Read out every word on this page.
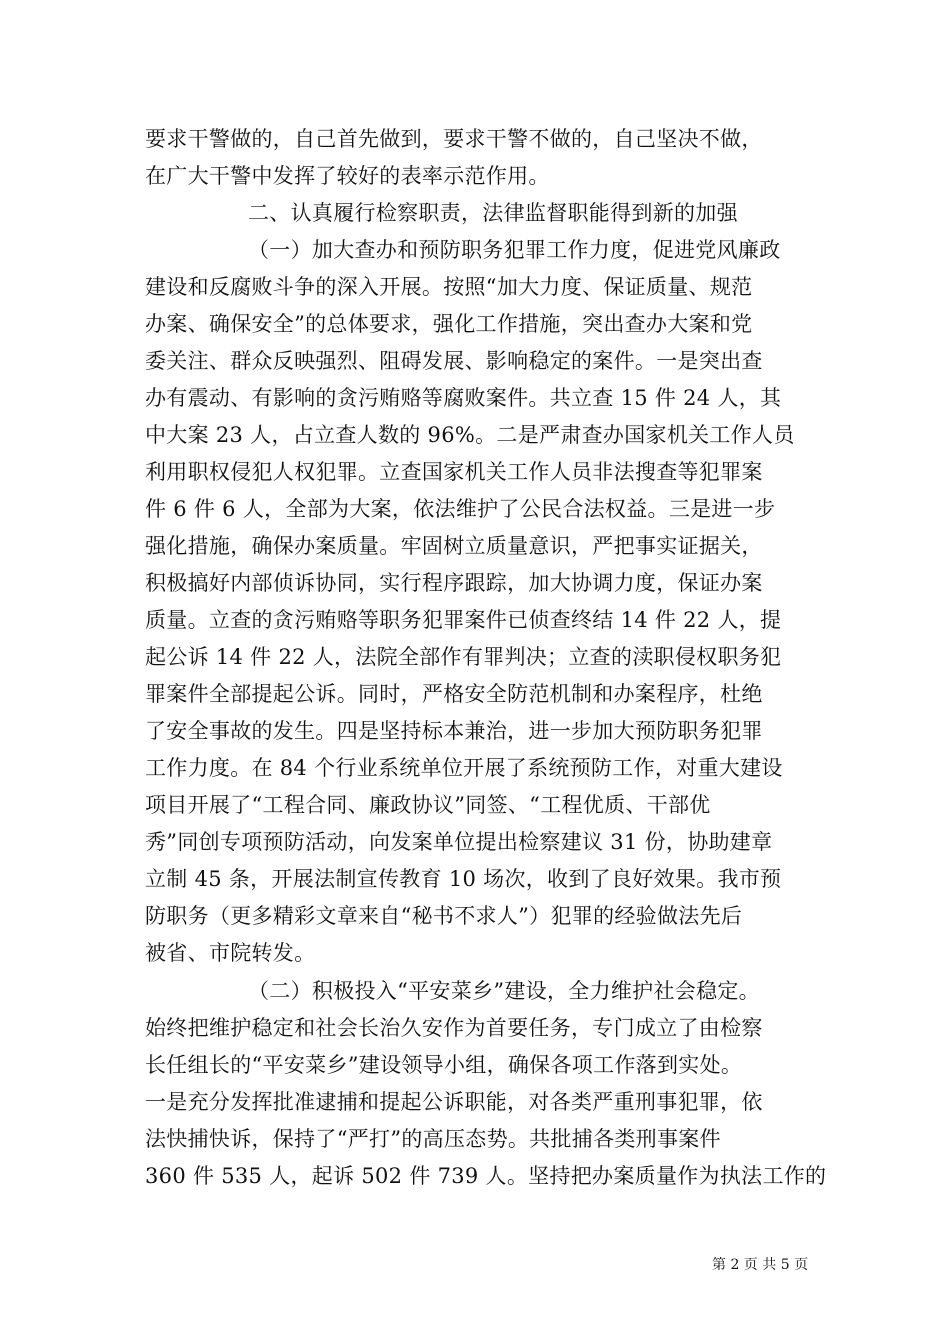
要求干警做的，自己首先做到，要求干警不做的，自己坚决不做，
在广大干警中发挥了较好的表率示范作用。
二、认真履行检察职责，法律监督职能得到新的加强
（一）加大查办和预防职务犯罪工作力度，促进党风廉政
建设和反腐败斗争的深入开展。按照“加大力度、保证质量、规范
办案、确保安全”的总体要求，强化工作措施，突出查办大案和党
委关注、群众反映强烈、阻碍发展、影响稳定的案件。一是突出查
办有震动、有影响的贪污贿赂等腐败案件。共立查 15 件 24 人，其
中大案 23 人，占立查人数的 96%。二是严肃查办国家机关工作人员
利用职权侵犯人权犯罪。立查国家机关工作人员非法搜查等犯罪案
件 6 件 6 人，全部为大案，依法维护了公民合法权益。三是进一步
强化措施，确保办案质量。牢固树立质量意识，严把事实证据关，
积极搞好内部侦诉协同，实行程序跟踪，加大协调力度，保证办案
质量。立查的贪污贿赂等职务犯罪案件已侦查终结 14 件 22 人，提
起公诉 14 件 22 人，法院全部作有罪判决；立查的渎职侵权职务犯
罪案件全部提起公诉。同时，严格安全防范机制和办案程序，杜绝
了安全事故的发生。四是坚持标本兼治，进一步加大预防职务犯罪
工作力度。在 84 个行业系统单位开展了系统预防工作，对重大建设
项目开展了“工程合同、廉政协议”同签、“工程优质、干部优
秀”同创专项预防活动，向发案单位提出检察建议 31 份，协助建章
立制 45 条，开展法制宣传教育 10 场次，收到了良好效果。我市预
防职务（更多精彩文章来自“秘书不求人”）犯罪的经验做法先后
被省、市院转发。
（二）积极投入“平安菜乡”建设，全力维护社会稳定。
始终把维护稳定和社会长治久安作为首要任务，专门成立了由检察
长任组长的“平安菜乡”建设领导小组，确保各项工作落到实处。
一是充分发挥批准逮捕和提起公诉职能，对各类严重刑事犯罪，依
法快捕快诉，保持了“严打”的高压态势。共批捕各类刑事案件
360 件 535 人，起诉 502 件 739 人。坚持把办案质量作为执法工作的
第 2 页 共 5 页
